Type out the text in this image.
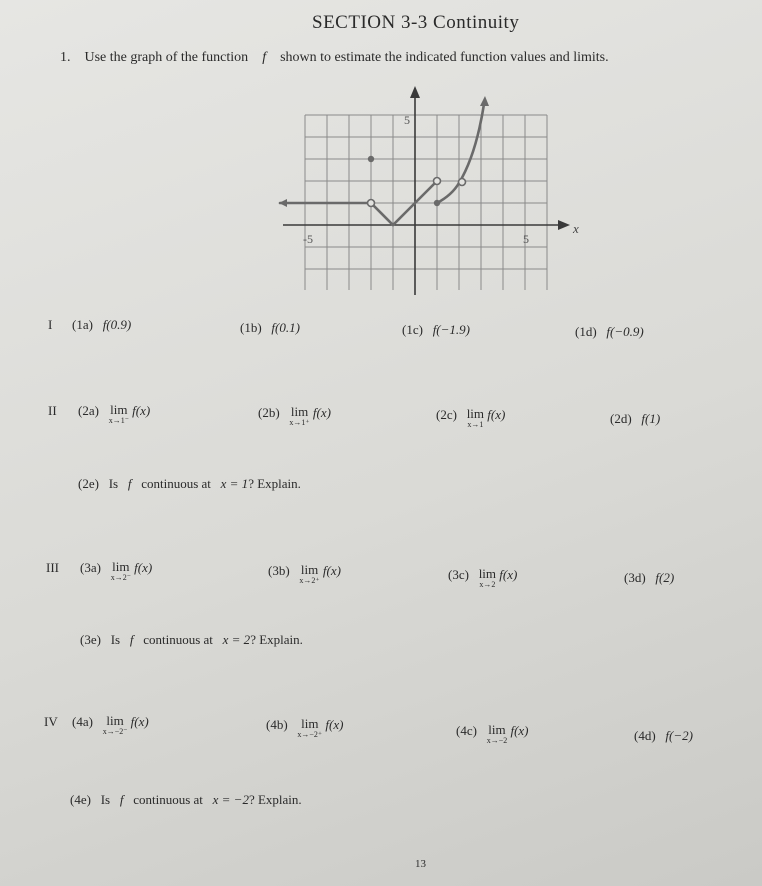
SECTION 3-3 Continuity
1. Use the graph of the function f shown to estimate the indicated function values and limits.
5
-5	5
x
I (1a) f(0.9)	(1b) f(0.1)	(1c) f(−1.9)	(1d) f(−0.9)
II (2a) lim
x→1⁻
f(x)	(2b) lim
x→1⁺
f(x)	(2c) lim
x→1
f(x)	(2d) f(1)
(2e) Is f continuous at x = 1? Explain.
III (3a) lim
x→2⁻
f(x)	(3b) lim
x→2⁺
f(x)	(3c) lim
x→2
f(x)	(3d) f(2)
(3e) Is f continuous at x = 2? Explain.
IV (4a) lim
x→−2⁻
f(x)	(4b) lim
x→−2⁺
f(x)	(4c) lim
x→−2
f(x)	(4d) f(−2)
(4e) Is f continuous at x = −2? Explain.
13
